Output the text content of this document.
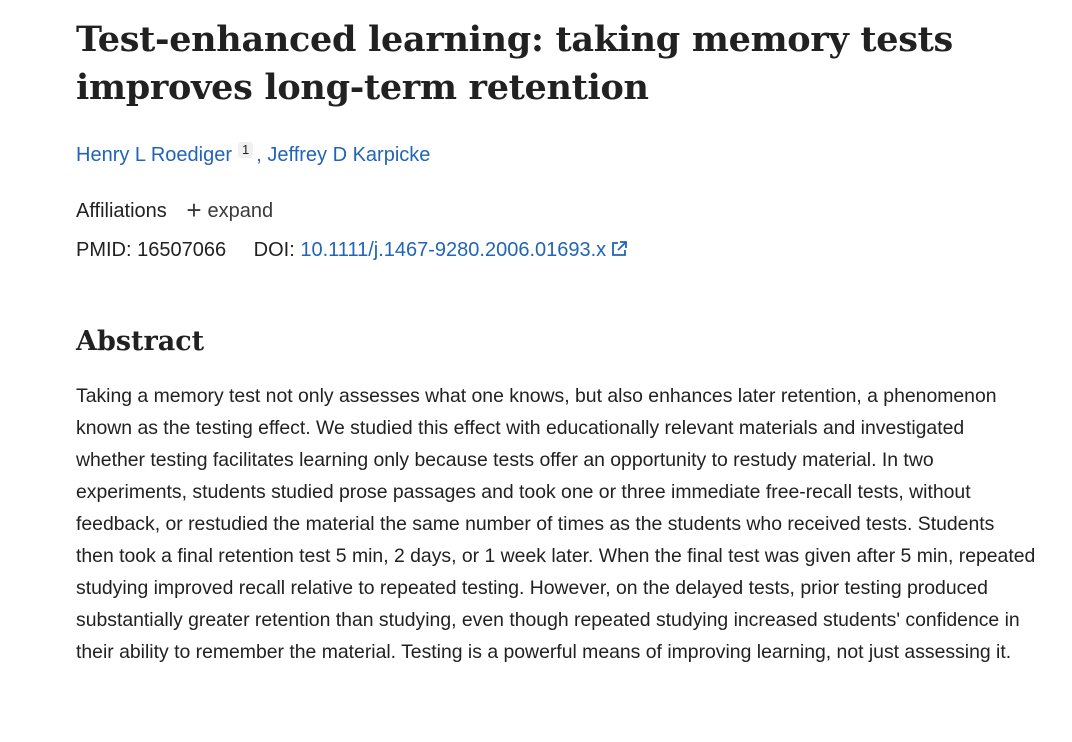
Test-enhanced learning: taking memory tests improves long-term retention
Henry L Roediger 1 , Jeffrey D Karpicke
Affiliations + expand
PMID: 16507066 DOI: 10.1111/j.1467-9280.2006.01693.x
Abstract

Taking a memory test not only assesses what one knows, but also enhances later retention, a phenomenon known as the testing effect. We studied this effect with educationally relevant materials and investigated whether testing facilitates learning only because tests offer an opportunity to restudy material. In two experiments, students studied prose passages and took one or three immediate free-recall tests, without feedback, or restudied the material the same number of times as the students who received tests. Students then took a final retention test 5 min, 2 days, or 1 week later. When the final test was given after 5 min, repeated studying improved recall relative to repeated testing. However, on the delayed tests, prior testing produced substantially greater retention than studying, even though repeated studying increased students' confidence in their ability to remember the material. Testing is a powerful means of improving learning, not just assessing it.
